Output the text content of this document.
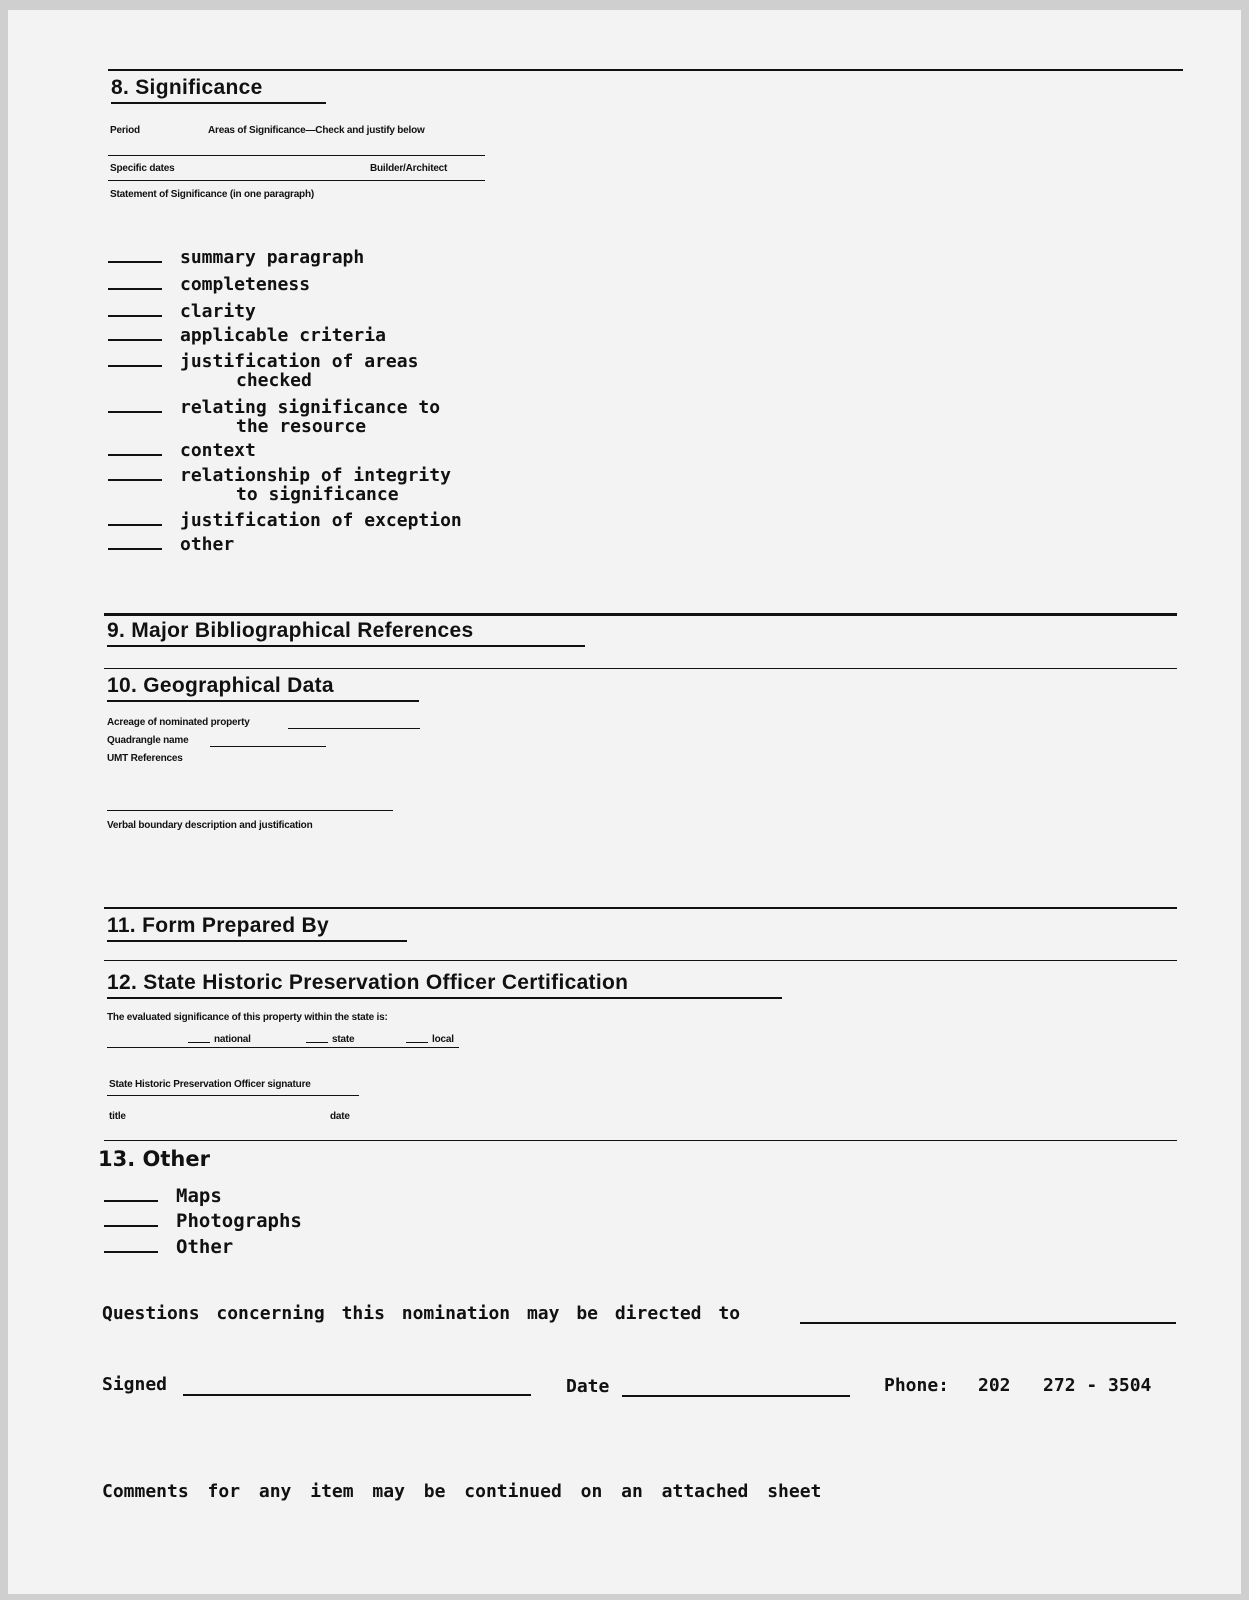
8. Significance
Period	Areas of Significance—Check and justify below
Specific dates	Builder/Architect
Statement of Significance (in one paragraph)
summary paragraph
completeness
clarity
applicable criteria
justification of areas
checked
relating significance to
the resource
context
relationship of integrity
to significance
justification of exception
other
9. Major Bibliographical References
10. Geographical Data
Acreage of nominated property
Quadrangle name
UMT References
Verbal boundary description and justification
11. Form Prepared By
12. State Historic Preservation Officer Certification
The evaluated significance of this property within the state is:
national	state	local
State Historic Preservation Officer signature
title	date
13. Other
Maps
Photographs
Other
Questions concerning this nomination may be directed to
Signed	Date	Phone: 202   272 - 3504
Comments for any item may be continued on an attached sheet
